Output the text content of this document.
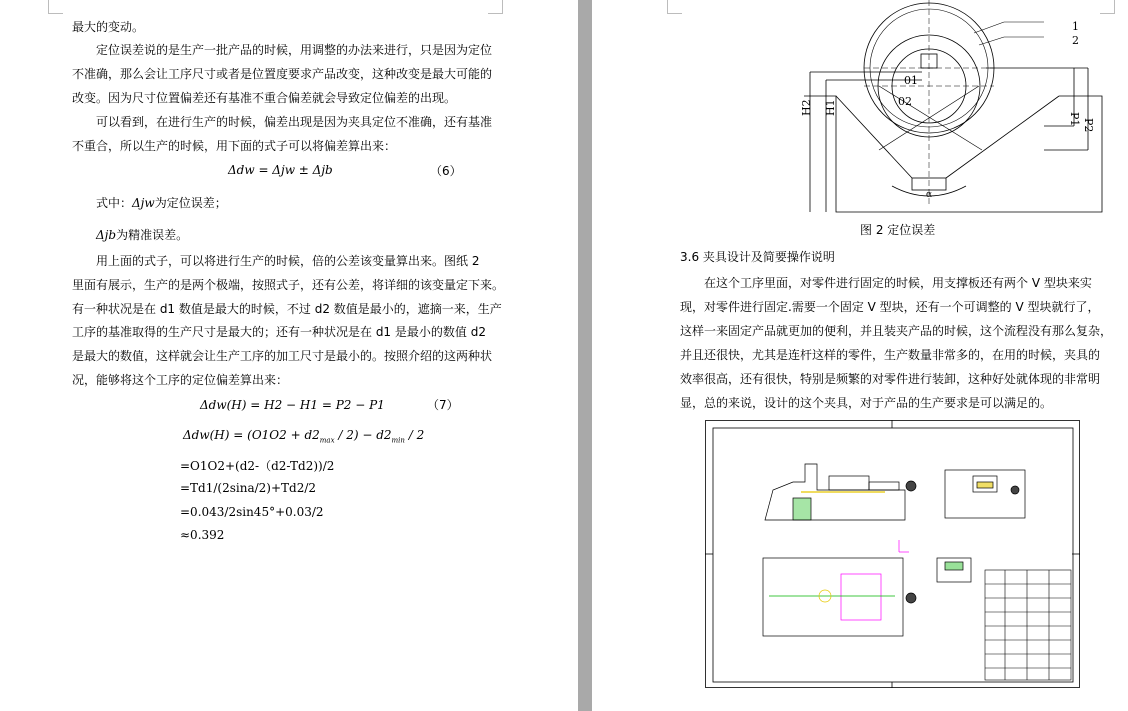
最大的变动。
　　定位误差说的是生产一批产品的时候，用调整的办法来进行，只是因为定位
不准确，那么会让工序尺寸或者是位置度要求产品改变，这种改变是最大可能的
改变。因为尺寸位置偏差还有基准不重合偏差就会导致定位偏差的出现。
　　可以看到，在进行生产的时候，偏差出现是因为夹具定位不准确，还有基准
不重合，所以生产的时候，用下面的式子可以将偏差算出来：
Δdw = Δjw ± Δjb	（6）
式中：Δjw为定位误差；
Δjb为精准误差。
　　用上面的式子，可以将进行生产的时候，倍的公差该变量算出来。图纸 2
里面有展示，生产的是两个极端，按照式子，还有公差，将详细的该变量定下来。
有一种状况是在 d1 数值是最大的时候，不过 d2 数值是最小的，遮摘一来，生产
工序的基准取得的生产尺寸是最大的；还有一种状况是在 d1 是最小的数值 d2
是最大的数值，这样就会让生产工序的加工尺寸是最小的。按照介绍的这两种状
况，能够将这个工序的定位偏差算出来：
Δdw(H) = H2 − H1 = P2 − P1	（7）
$\Delta dw(H) = (O1O2 + d2_{max} / 2) - d2_{min} / 2$
=O1O2+(d2-（d2-Td2))/2
=Td1/(2sina/2)+Td2/2
=0.043/2sin45°+0.03/2
≈0.392
1
2
01
02
H2 H1
P1 P2
α
图 2 定位误差
3.6 夹具设计及简要操作说明
　　在这个工序里面，对零件进行固定的时候，用支撑板还有两个 V 型块来实
现，对零件进行固定.需要一个固定 V 型块，还有一个可调整的 V 型块就行了，
这样一来固定产品就更加的便利，并且装夹产品的时候，这个流程没有那么复杂，
并且还很快，尤其是连杆这样的零件，生产数量非常多的，在用的时候，夹具的
效率很高，还有很快，特别是频繁的对零件进行装卸，这种好处就体现的非常明
显，总的来说，设计的这个夹具，对于产品的生产要求是可以满足的。
